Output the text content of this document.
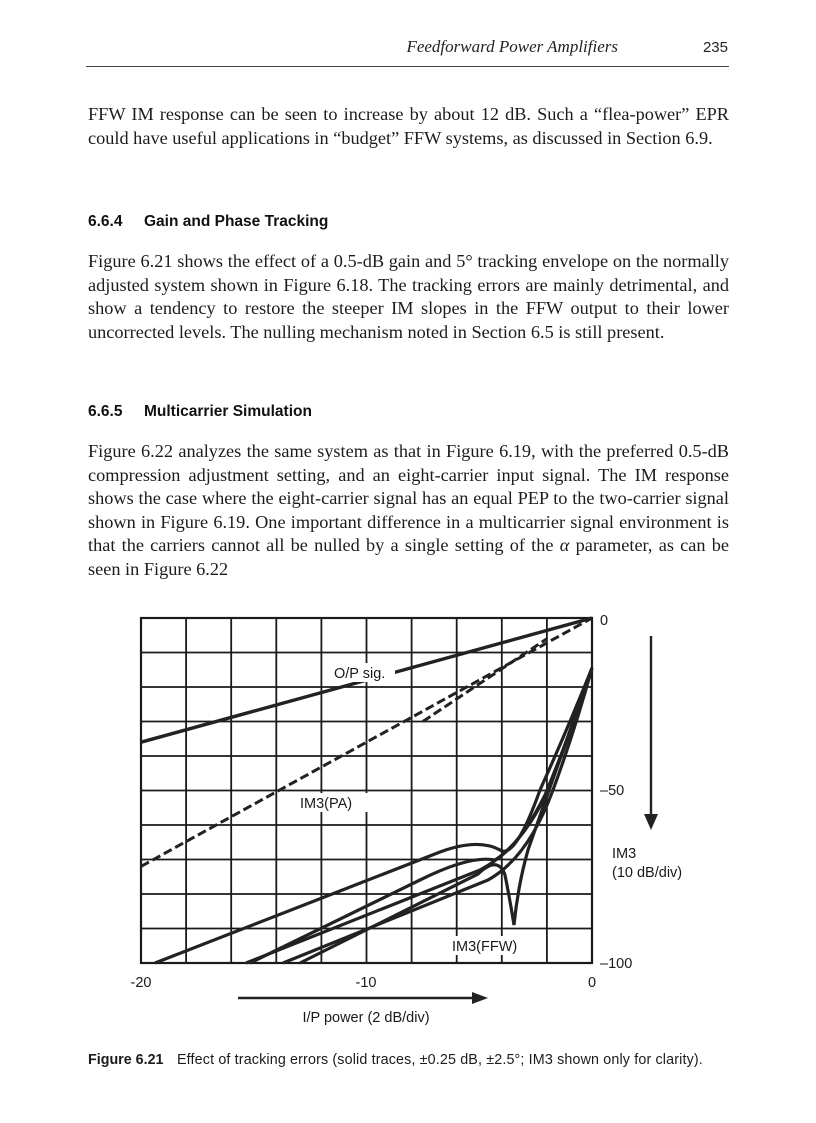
Feedforward Power Amplifiers	235

FFW IM response can be seen to increase by about 12 dB. Such a “flea-power” EPR could have useful applications in “budget” FFW systems, as discussed in Section 6.9.

6.6.4 Gain and Phase Tracking

Figure 6.21 shows the effect of a 0.5-dB gain and 5° tracking envelope on the normally adjusted system shown in Figure 6.18. The tracking errors are mainly detrimental, and show a tendency to restore the steeper IM slopes in the FFW output to their lower uncorrected levels. The nulling mechanism noted in Section 6.5 is still present.

6.6.5 Multicarrier Simulation

Figure 6.22 analyzes the same system as that in Figure 6.19, with the preferred 0.5-dB compression adjustment setting, and an eight-carrier input signal. The IM response shows the case where the eight-carrier signal has an equal PEP to the two-carrier signal shown in Figure 6.19. One important difference in a multicarrier signal environment is that the carriers cannot all be nulled by a single setting of the α parameter, as can be seen in Figure 6.22

O/P sig.
IM3(PA)
IM3(FFW)
-20	-10	0
0
–50
–100
IM3
(10 dB/div)
I/P power (2 dB/div)
Figure 6.21 Effect of tracking errors (solid traces, ±0.25 dB, ±2.5°; IM3 shown only for clarity).
